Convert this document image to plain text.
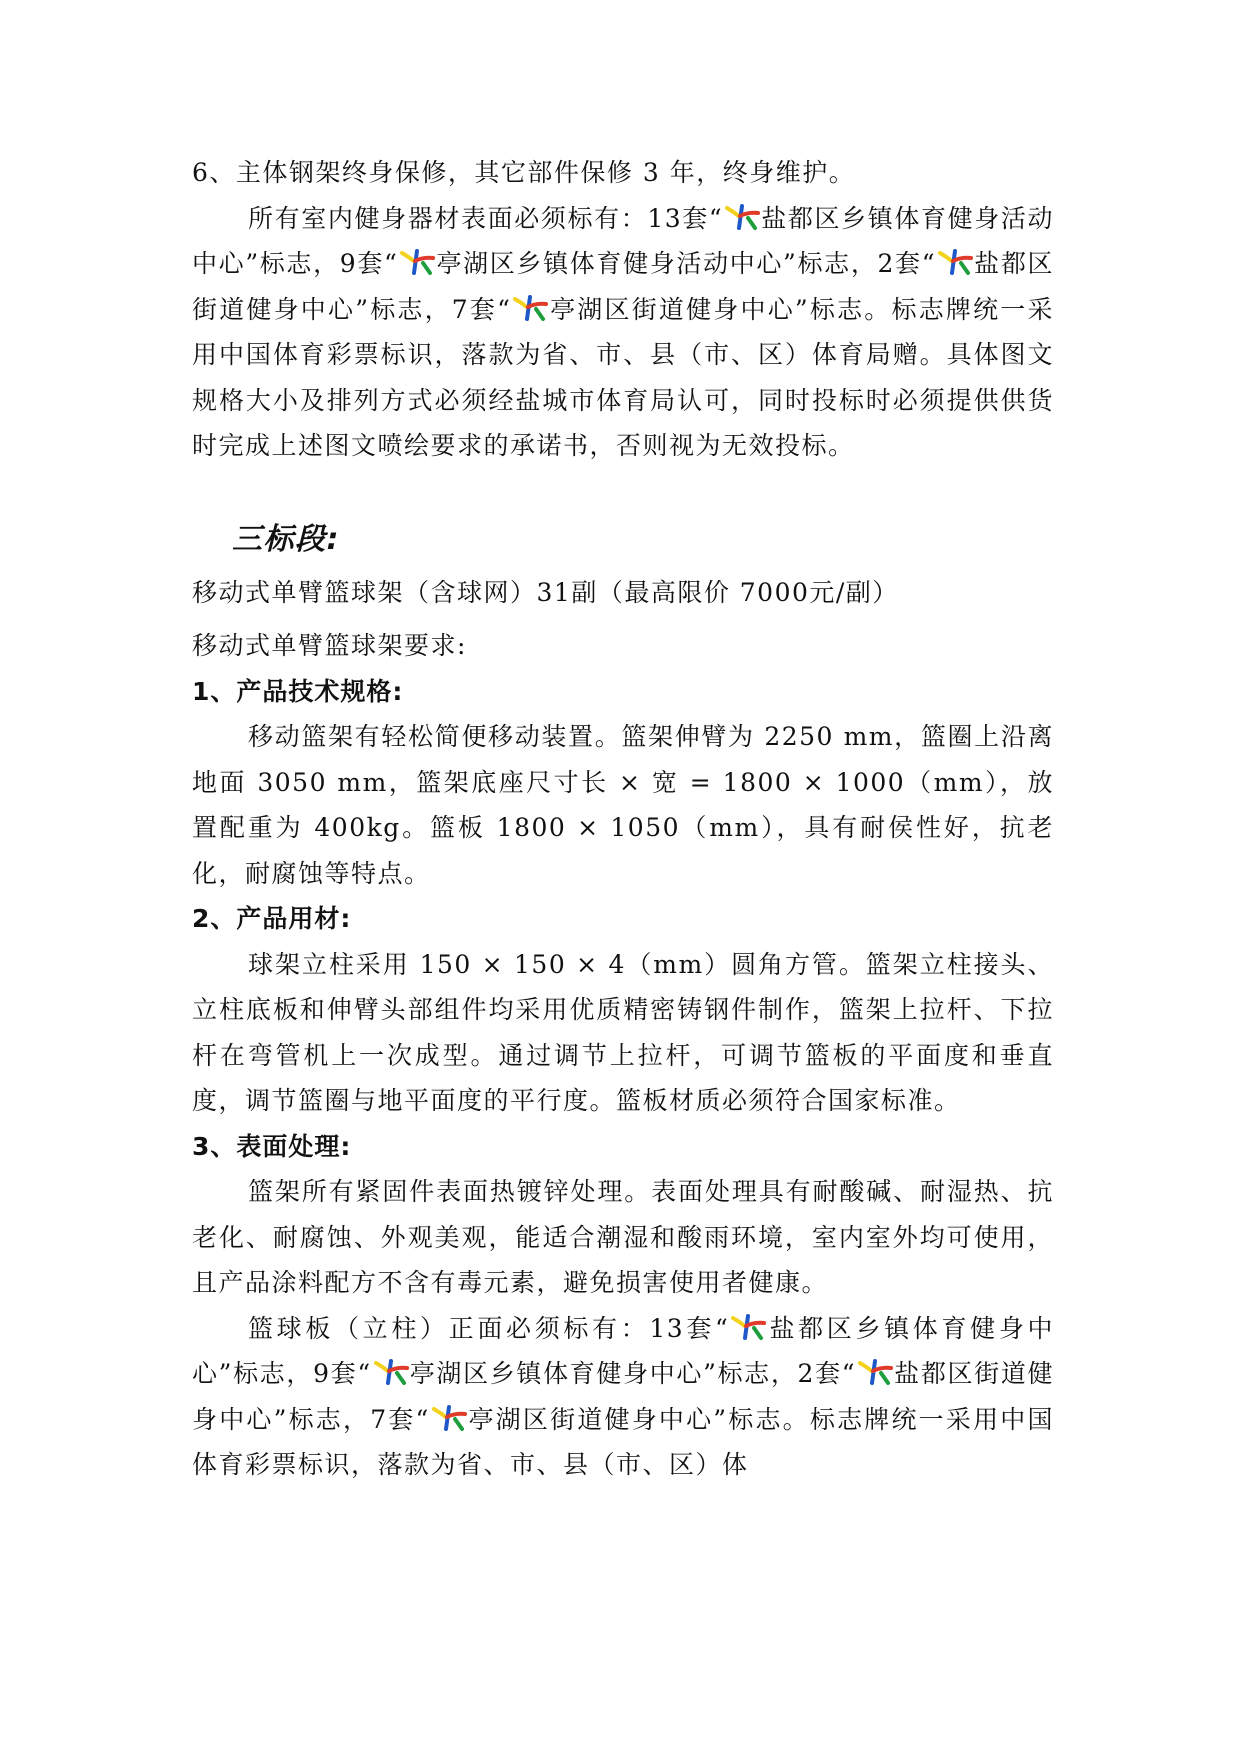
6、主体钢架终身保修，其它部件保修 3 年，终身维护。

所有室内健身器材表面必须标有：13套“ 盐都区乡镇体育健身活动中心”标志，9套“ 亭湖区乡镇体育健身活动中心”标志，2套“ 盐都区街道健身中心”标志，7套“ 亭湖区街道健身中心”标志。标志牌统一采用中国体育彩票标识，落款为省、市、县（市、区）体育局赠。具体图文规格大小及排列方式必须经盐城市体育局认可，同时投标时必须提供供货时完成上述图文喷绘要求的承诺书，否则视为无效投标。

三标段:

移动式单臂篮球架（含球网）31副（最高限价 7000元/副）

移动式单臂篮球架要求:

1、产品技术规格:

移动篮架有轻松简便移动装置。篮架伸臂为 2250 mm，篮圈上沿离地面 3050 mm，篮架底座尺寸长 × 宽 = 1800 × 1000（mm），放置配重为 400kg。篮板 1800 × 1050（mm），具有耐侯性好，抗老化，耐腐蚀等特点。

2、产品用材:

球架立柱采用 150 × 150 × 4（mm）圆角方管。篮架立柱接头、立柱底板和伸臂头部组件均采用优质精密铸钢件制作，篮架上拉杆、下拉杆在弯管机上一次成型。通过调节上拉杆，可调节篮板的平面度和垂直度，调节篮圈与地平面度的平行度。篮板材质必须符合国家标准。

3、表面处理:

篮架所有紧固件表面热镀锌处理。表面处理具有耐酸碱、耐湿热、抗老化、耐腐蚀、外观美观，能适合潮湿和酸雨环境，室内室外均可使用，且产品涂料配方不含有毒元素，避免损害使用者健康。

篮球板（立柱）正面必须标有：13套“ 盐都区乡镇体育健身中心”标志，9套“ 亭湖区乡镇体育健身中心”标志，2套“ 盐都区街道健身中心”标志，7套“ 亭湖区街道健身中心”标志。标志牌统一采用中国体育彩票标识，落款为省、市、县（市、区）体
